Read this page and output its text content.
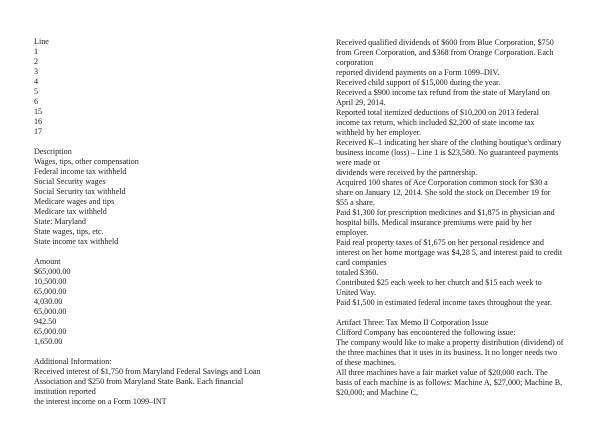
Line
1
2
3
4
5
6
15
16
17
Description
Wages, tips, other compensation
Federal income tax withheld
Social Security wages
Social Security tax withheld
Medicare wages and tips
Medicare tax withheld
State: Maryland
State wages, tips, etc.
State income tax withheld
Amount
$65,000.00
10,500.00
65,000.00
4,030.00
65,000.00
942.50
65,000.00
1,650.00
Additional Information:
Received interest of $1,750 from Maryland Federal Savings and Loan
Association and $250 from Maryland State Bank. Each financial
institution reported
the interest income on a Form 1099–INT
Received qualified dividends of $600 from Blue Corporation, $750
from Green Corporation, and $368 from Orange Corporation. Each
corporation
reported dividend payments on a Form 1099–DIV.
Received child support of $15,000 during the year.
Received a $900 income tax refund from the state of Maryland on
April 29, 2014.
Reported total itemized deductions of $10,200 on 2013 federal
income tax return, which included $2,200 of state income tax
withheld by her employer.
Received K–1 indicating her share of the clothing boutique's ordinary
business income (loss) – Line 1 is $23,580. No guaranteed payments
were made or
dividends were received by the partnership.
Acquired 100 shares of Ace Corporation common stock for $30 a
share on January 12, 2014. She sold the stock on December 19 for
$55 a share.
Paid $1,300 for prescription medicines and $1,875 in physician and
hospital bills. Medical insurance premiums were paid by her
employer.
Paid real property taxes of $1,675 on her personal residence and
interest on her home mortgage was $4,28 5, and interest paid to credit
card companies
totaled $360.
Contributed $25 each week to her church and $15 each week to
United Way.
Paid $1,500 in estimated federal income taxes throughout the year.
Artifact Three: Tax Memo II Corporation Issue
Clifford Company has encountered the following issue:
The company would like to make a property distribution (dividend) of
the three machines that it uses in its business. It no longer needs two
of these machines.
All three machines have a fair market value of $20,000 each. The
basis of each machine is as follows: Machine A, $27,000; Machine B,
$20,000; and Machine C,
